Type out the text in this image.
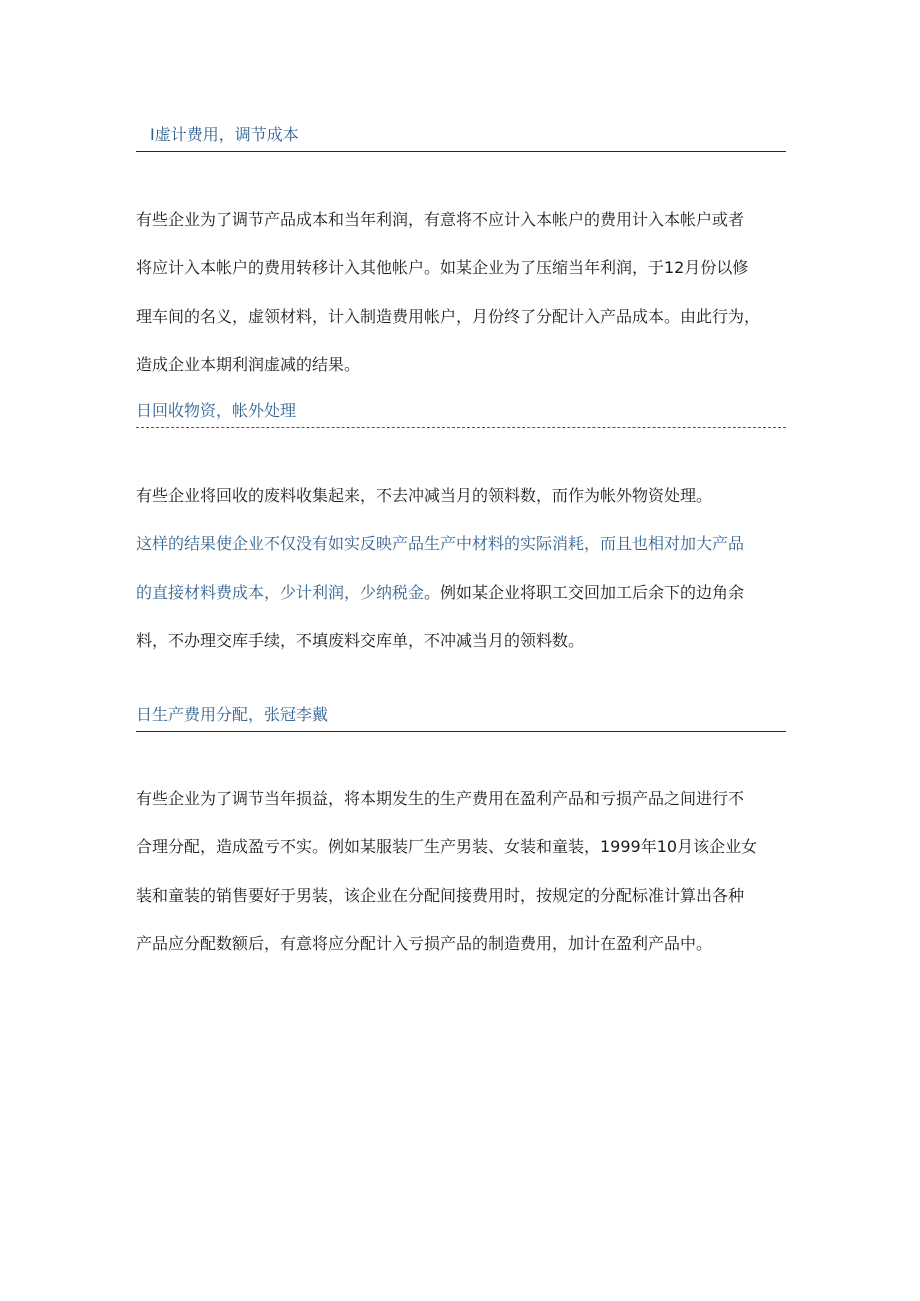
I虚计费用，调节成本
有些企业为了调节产品成本和当年利润，有意将不应计入本帐户的费用计入本帐户或者
将应计入本帐户的费用转移计入其他帐户。如某企业为了压缩当年利润，于12月份以修
理车间的名义，虚领材料，计入制造费用帐户，月份终了分配计入产品成本。由此行为，
造成企业本期利润虚减的结果。
日回收物资，帐外处理
有些企业将回收的废料收集起来，不去冲减当月的领料数，而作为帐外物资处理。
这样的结果使企业不仅没有如实反映产品生产中材料的实际消耗，而且也相对加大产品
的直接材料费成本，少计利润，少纳税金。例如某企业将职工交回加工后余下的边角余
料，不办理交库手续，不填废料交库单，不冲减当月的领料数。
日生产费用分配，张冠李戴
有些企业为了调节当年损益，将本期发生的生产费用在盈利产品和亏损产品之间进行不
合理分配，造成盈亏不实。例如某服装厂生产男装、女装和童装，1999年10月该企业女
装和童装的销售要好于男装，该企业在分配间接费用时，按规定的分配标准计算出各种
产品应分配数额后，有意将应分配计入亏损产品的制造费用，加计在盈利产品中。
